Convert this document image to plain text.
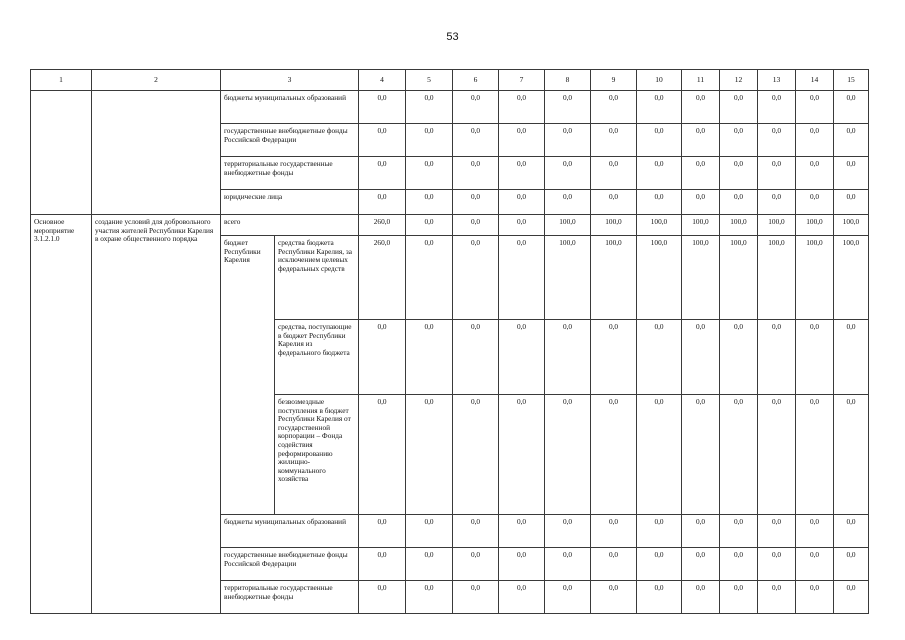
53
1	2	3		4	5	6	7	8	9	10	11	12	13	14	15
		бюджеты муниципальных образований		0,0	0,0	0,0	0,0	0,0	0,0	0,0	0,0	0,0	0,0	0,0	0,0
		государственные внебюджетные фонды Российской Федерации		0,0	0,0	0,0	0,0	0,0	0,0	0,0	0,0	0,0	0,0	0,0	0,0
		территориальные государственные внебюджетные фонды		0,0	0,0	0,0	0,0	0,0	0,0	0,0	0,0	0,0	0,0	0,0	0,0
		юридические лица		0,0	0,0	0,0	0,0	0,0	0,0	0,0	0,0	0,0	0,0	0,0	0,0
Основное мероприятие 3.1.2.1.0	создание условий для добровольного участия жителей Республики Карелия в охране общественного порядка	всего		260,0	0,0	0,0	0,0	100,0	100,0	100,0	100,0	100,0	100,0	100,0	100,0
		бюджет Республики Карелия	средства бюджета Республики Карелия, за исключением целевых федеральных средств	260,0	0,0	0,0	0,0	100,0	100,0	100,0	100,0	100,0	100,0	100,0	100,0
			средства, поступающие в бюджет Республики Карелия из федерального бюджета	0,0	0,0	0,0	0,0	0,0	0,0	0,0	0,0	0,0	0,0	0,0	0,0
			безвозмездные поступления в бюджет Республики Карелия от государственной корпорации – Фонда содействия реформированию жилищно-коммунального хозяйства	0,0	0,0	0,0	0,0	0,0	0,0	0,0	0,0	0,0	0,0	0,0	0,0
		бюджеты муниципальных образований		0,0	0,0	0,0	0,0	0,0	0,0	0,0	0,0	0,0	0,0	0,0	0,0
		государственные внебюджетные фонды Российской Федерации		0,0	0,0	0,0	0,0	0,0	0,0	0,0	0,0	0,0	0,0	0,0	0,0
		территориальные государственные внебюджетные фонды		0,0	0,0	0,0	0,0	0,0	0,0	0,0	0,0	0,0	0,0	0,0	0,0
